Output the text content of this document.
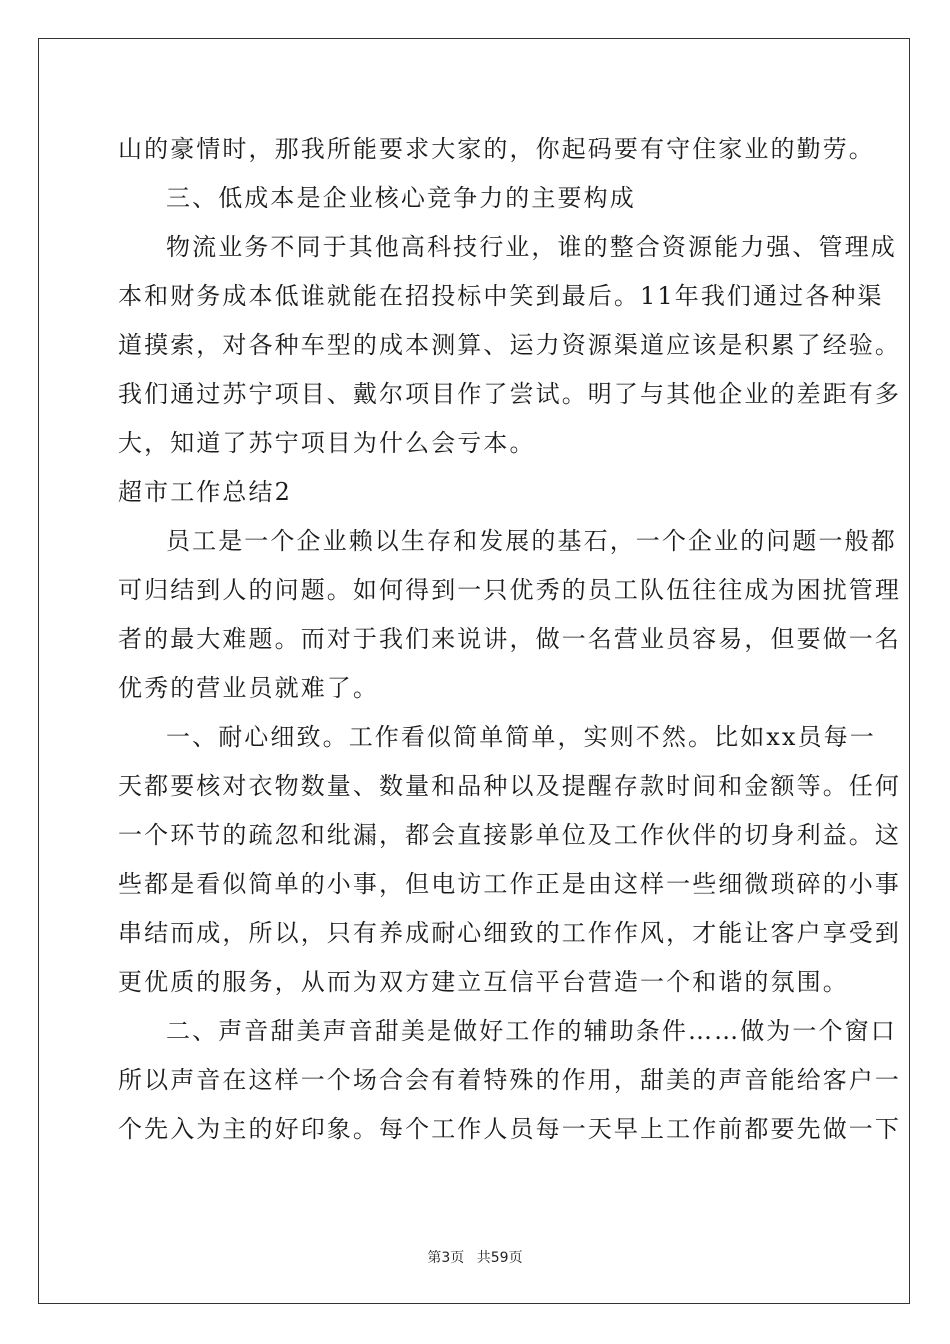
山的豪情时，那我所能要求大家的，你起码要有守住家业的勤劳。
三、低成本是企业核心竞争力的主要构成
物流业务不同于其他高科技行业，谁的整合资源能力强、管理成
本和财务成本低谁就能在招投标中笑到最后。11年我们通过各种渠
道摸索，对各种车型的成本测算、运力资源渠道应该是积累了经验。
我们通过苏宁项目、戴尔项目作了尝试。明了与其他企业的差距有多
大，知道了苏宁项目为什么会亏本。
超市工作总结2
员工是一个企业赖以生存和发展的基石，一个企业的问题一般都
可归结到人的问题。如何得到一只优秀的员工队伍往往成为困扰管理
者的最大难题。而对于我们来说讲，做一名营业员容易，但要做一名
优秀的营业员就难了。
一、耐心细致。工作看似简单简单，实则不然。比如xx员每一
天都要核对衣物数量、数量和品种以及提醒存款时间和金额等。任何
一个环节的疏忽和纰漏，都会直接影单位及工作伙伴的切身利益。这
些都是看似简单的小事，但电访工作正是由这样一些细微琐碎的小事
串结而成，所以，只有养成耐心细致的工作作风，才能让客户享受到
更优质的服务，从而为双方建立互信平台营造一个和谐的氛围。
二、声音甜美声音甜美是做好工作的辅助条件……做为一个窗口
所以声音在这样一个场合会有着特殊的作用，甜美的声音能给客户一
个先入为主的好印象。每个工作人员每一天早上工作前都要先做一下
第3页 共59页
